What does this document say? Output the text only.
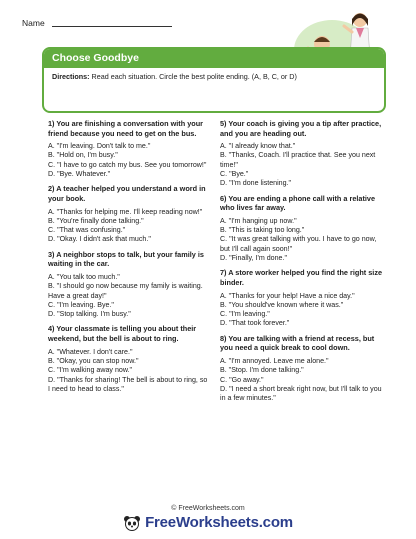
Name
Choose Goodbye
Directions: Read each situation. Circle the best polite ending. (A, B, C, or D)
1) You are finishing a conversation with your friend because you need to get on the bus.
A. "I'm leaving. Don't talk to me."
B. "Hold on, I'm busy."
C. "I have to go catch my bus. See you tomorrow!"
D. "Bye. Whatever."
2) A teacher helped you understand a word in your book.
A. "Thanks for helping me. I'll keep reading now!"
B. "You're finally done talking."
C. "That was confusing."
D. "Okay. I didn't ask that much."
3) A neighbor stops to talk, but your family is waiting in the car.
A. "You talk too much."
B. "I should go now because my family is waiting. Have a great day!"
C. "I'm leaving. Bye."
D. "Stop talking. I'm busy."
4) Your classmate is telling you about their weekend, but the bell is about to ring.
A. "Whatever. I don't care."
B. "Okay, you can stop now."
C. "I'm walking away now."
D. "Thanks for sharing! The bell is about to ring, so I need to head to class."
5) Your coach is giving you a tip after practice, and you are heading out.
A. "I already know that."
B. "Thanks, Coach. I'll practice that. See you next time!"
C. "Bye."
D. "I'm done listening."
6) You are ending a phone call with a relative who lives far away.
A. "I'm hanging up now."
B. "This is taking too long."
C. "It was great talking with you. I have to go now, but I'll call again soon!"
D. "Finally, I'm done."
7) A store worker helped you find the right size binder.
A. "Thanks for your help! Have a nice day."
B. "You should've known where it was."
C. "I'm leaving."
D. "That took forever."
8) You are talking with a friend at recess, but you need a quick break to cool down.
A. "I'm annoyed. Leave me alone."
B. "Stop. I'm done talking."
C. "Go away."
D. "I need a short break right now, but I'll talk to you in a few minutes."
© FreeWorksheets.com
FreeWorksheets.com
